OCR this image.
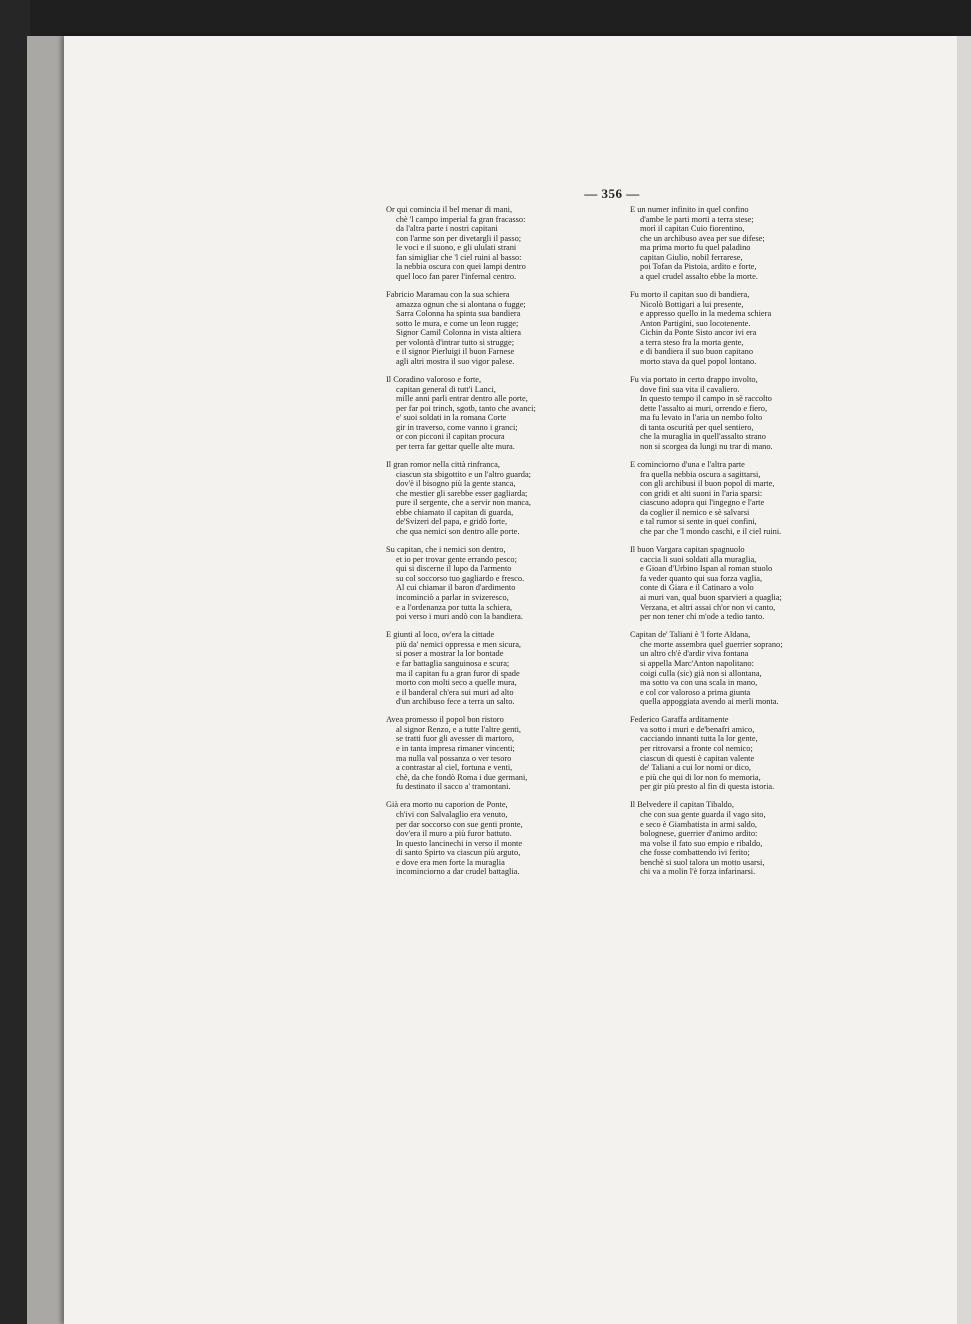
— 356 —
Or qui comincia il bel menar di mani,
chè 'l campo imperial fa gran fracasso:
da l'altra parte i nostri capitani
con l'arme son per divetargli il passo;
le voci e il suono, e gli ululati strani
fan simigliar che 'l ciel ruini al basso:
la nebbia oscura con quei lampi dentro
quel loco fan parer l'infernal centro.
Fabricio Maramau con la sua schiera
amazza ognun che si alontana o fugge;
Sarra Colonna ha spinta sua bandiera
sotto le mura, e come un leon rugge;
Signor Camil Colonna in vista altiera
per volontà d'intrar tutto si strugge;
e il signor Pierluigi il buon Farnese
agli altri mostra il suo vigor palese.
Il Coradino valoroso e forte,
capitan general di tutt'i Lanci,
mille anni parli entrar dentro alle porte,
per far poi trinch, sgotb, tanto che avanci;
e' suoi soldati in la romana Corte
gir in traverso, come vanno i granci;
or con picconi il capitan procura
per terra far gettar quelle alte mura.
Il gran romor nella città rinfranca,
ciascun sta sbigottito e un l'altro guarda;
dov'è il bisogno più la gente stanca,
che mestier gli sarebbe esser gagliarda;
pure il sergente, che a servir non manca,
ebbe chiamato il capitan di guarda,
de'Svizeri del papa, e gridò forte,
che qua nemici son dentro alle porte.
Su capitan, che i nemici son dentro,
et io per trovar gente errando pesco;
qui si discerne il lupo da l'armento
su col soccorso tuo gagliardo e fresco.
Al cui chiamar il baron d'ardimento
incominciò a parlar in svizeresco,
e a l'ordenanza por tutta la schiera,
poi verso i muri andò con la bandiera.
E giunti al loco, ov'era la cittade
più da' nemici oppressa e men sicura,
si poser a mostrar la lor bontade
e far battaglia sanguinosa e scura;
ma il capitan fu a gran furor di spade
morto con molti seco a quelle mura,
e il banderal ch'era sui muri ad alto
d'un archibuso fece a terra un salto.
Avea promesso il popol bon ristoro
al signor Renzo, e a tutte l'altre genti,
se tratti fuor gli avesser di martoro,
e in tanta impresa rimaner vincenti;
ma nulla val possanza o ver tesoro
a contrastar al ciel, fortuna e venti,
chè, da che fondò Roma i due germani,
fu destinato il sacco a' tramontani.
Già era morto nu caporion de Ponte,
ch'ivi con Salvalaglio era venuto,
per dar soccorso con sue genti pronte,
dov'era il muro a più furor battuto.
In questo lancinechi in verso il monte
di santo Spirto va ciascun più arguto,
e dove era men forte la muraglia
incominciorno a dar crudel battaglia.
E un numer infinito in quel confino
d'ambe le parti morti a terra stese;
morì il capitan Cuio fiorentino,
che un archibuso avea per sue difese;
ma prima morto fu quel paladino
capitan Giulio, nobil ferrarese,
poi Tofan da Pistoia, ardito e forte,
a quel crudel assalto ebbe la morte.
Fu morto il capitan suo di bandiera,
Nicolò Bottigari a lui presente,
e appresso quello in la medema schiera
Anton Partigini, suo locotenente.
Cichin da Ponte Sisto ancor ivi era
a terra steso fra la morta gente,
e di bandiera il suo buon capitano
morto stava da quel popol lontano.
Fu via portato in certo drappo involto,
dove finì sua vita il cavaliero.
In questo tempo il campo in sè raccolto
dette l'assalto ai muri, orrendo e fiero,
ma fu levato in l'aria un nembo folto
di tanta oscurità per quel sentiero,
che la muraglia in quell'assalto strano
non si scorgea da lungi nu trar di mano.
E cominciorno d'una e l'altra parte
fra quella nebbia oscura a sagittarsi,
con gli archibusi il buon popol di marte,
con gridi et alti suoni in l'aria sparsi:
ciascuno adopra qui l'ingegno e l'arte
da coglier il nemico e sè salvarsi
e tal rumor si sente in quei confini,
che par che 'l mondo caschi, e il ciel ruini.
Il buon Vargara capitan spagnuolo
caccia li suoi soldati alla muraglia,
e Gioan d'Urbino Ispan al roman stuolo
fa veder quanto qui sua forza vaglia,
conte di Giara e il Catinaro a volo
ai muri van, qual buon sparvieri a quaglia;
Verzana, et altri assai ch'or non vi canto,
per non tener chi m'ode a tedio tanto.
Capitan de' Taliani è 'l forte Aldana,
che morte assembra quel guerrier soprano;
un altro ch'è d'ardir viva fontana
si appella Marc'Anton napolitano:
coigi culla (sic) già non si allontana,
ma sotto va con una scala in mano,
e col cor valoroso a prima giunta
quella appoggiata avendo ai merli monta.
Federico Garaffa arditamente
va sotto i muri e de'benafri amico,
cacciando innanti tutta la lor gente,
per ritrovarsi a fronte col nemico;
ciascun di questi è capitan valente
de' Taliani a cui lor nomi or dico,
e più che qui di lor non fo memoria,
per gir più presto al fin di questa istoria.
Il Belvedere il capitan Tibaldo,
che con sua gente guarda il vago sito,
e seco è Giambatista in armi saldo,
bolognese, guerrier d'animo ardito:
ma volse il fato suo empio e ribaldo,
che fosse combattendo ivi ferito;
benchè si suol talora un motto usarsi,
chi va a molin l'è forza infarinarsi.
